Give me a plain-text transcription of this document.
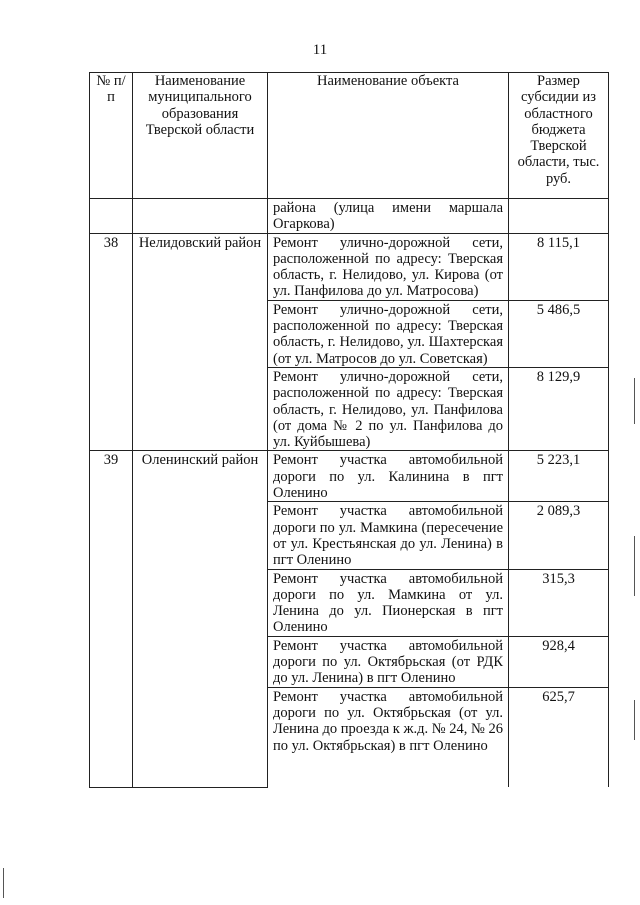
11
№ п/п	Наименование муниципального образования Тверской области	Наименование объекта	Размер субсидии из областного бюджета Тверской области, тыс. руб.
		района (улица имени маршала Огаркова)	
38	Нелидовский район	Ремонт улично-дорожной сети, расположенной по адресу: Тверская область, г. Нелидово, ул. Кирова (от ул. Панфилова до ул. Матросова)	8 115,1
		Ремонт улично-дорожной сети, расположенной по адресу: Тверская область, г. Нелидово, ул. Шахтерская (от ул. Матросов до ул. Советская)	5 486,5
		Ремонт улично-дорожной сети, расположенной по адресу: Тверская область, г. Нелидово, ул. Панфилова (от дома № 2 по ул. Панфилова до ул. Куйбышева)	8 129,9
39	Оленинский район	Ремонт участка автомобильной дороги по ул. Калинина в пгт Оленино	5 223,1
		Ремонт участка автомобильной дороги по ул. Мамкина (пересечение от ул. Крестьянская до ул. Ленина) в пгт Оленино	2 089,3
		Ремонт участка автомобильной дороги по ул. Мамкина от ул. Ленина до ул. Пионерская в пгт Оленино	315,3
		Ремонт участка автомобильной дороги по ул. Октябрьская (от РДК до ул. Ленина) в пгт Оленино	928,4
		Ремонт участка автомобильной дороги по ул. Октябрьская (от ул. Ленина до проезда к ж.д. № 24, № 26 по ул. Октябрьская) в пгт Оленино	625,7
